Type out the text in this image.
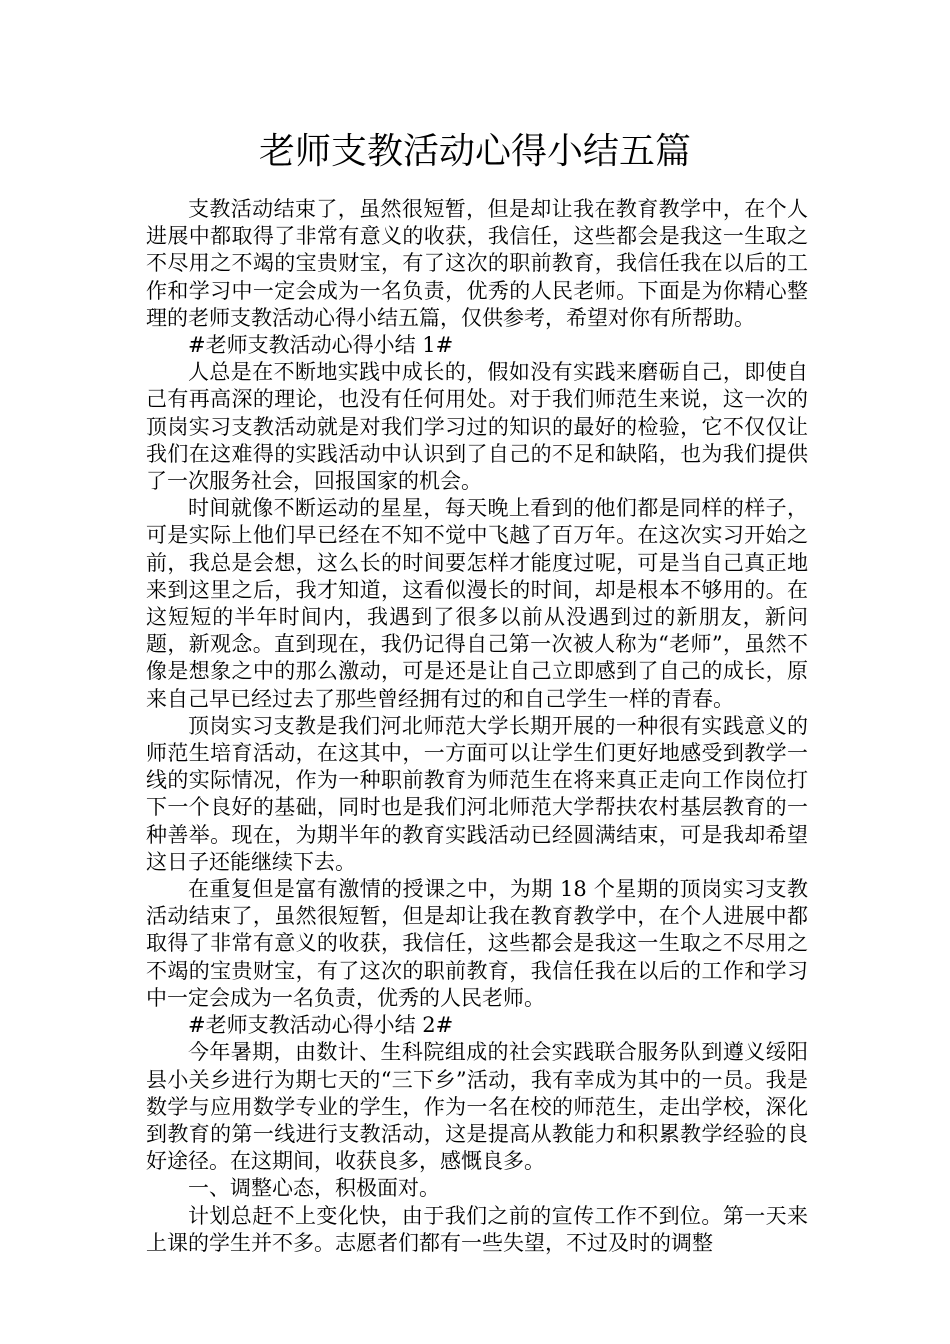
老师支教活动心得小结五篇

支教活动结束了，虽然很短暂，但是却让我在教育教学中，在个人进展中都取得了非常有意义的收获，我信任，这些都会是我这一生取之不尽用之不竭的宝贵财宝，有了这次的职前教育，我信任我在以后的工作和学习中一定会成为一名负责，优秀的人民老师。下面是为你精心整理的老师支教活动心得小结五篇，仅供参考，希望对你有所帮助。

#老师支教活动心得小结 1#

人总是在不断地实践中成长的，假如没有实践来磨砺自己，即使自己有再高深的理论，也没有任何用处。对于我们师范生来说，这一次的顶岗实习支教活动就是对我们学习过的知识的最好的检验，它不仅仅让我们在这难得的实践活动中认识到了自己的不足和缺陷，也为我们提供了一次服务社会，回报国家的机会。

时间就像不断运动的星星，每天晚上看到的他们都是同样的样子，可是实际上他们早已经在不知不觉中飞越了百万年。在这次实习开始之前，我总是会想，这么长的时间要怎样才能度过呢，可是当自己真正地来到这里之后，我才知道，这看似漫长的时间，却是根本不够用的。在这短短的半年时间内，我遇到了很多以前从没遇到过的新朋友，新问题，新观念。直到现在，我仍记得自己第一次被人称为“老师”，虽然不像是想象之中的那么激动，可是还是让自己立即感到了自己的成长，原来自己早已经过去了那些曾经拥有过的和自己学生一样的青春。

顶岗实习支教是我们河北师范大学长期开展的一种很有实践意义的师范生培育活动，在这其中，一方面可以让学生们更好地感受到教学一线的实际情况，作为一种职前教育为师范生在将来真正走向工作岗位打下一个良好的基础，同时也是我们河北师范大学帮扶农村基层教育的一种善举。现在，为期半年的教育实践活动已经圆满结束，可是我却希望这日子还能继续下去。

在重复但是富有激情的授课之中，为期 18 个星期的顶岗实习支教活动结束了，虽然很短暂，但是却让我在教育教学中，在个人进展中都取得了非常有意义的收获，我信任，这些都会是我这一生取之不尽用之不竭的宝贵财宝，有了这次的职前教育，我信任我在以后的工作和学习中一定会成为一名负责，优秀的人民老师。

#老师支教活动心得小结 2#

今年暑期，由数计、生科院组成的社会实践联合服务队到遵义绥阳县小关乡进行为期七天的“三下乡”活动，我有幸成为其中的一员。我是数学与应用数学专业的学生，作为一名在校的师范生，走出学校，深化到教育的第一线进行支教活动，这是提高从教能力和积累教学经验的良好途径。在这期间，收获良多，感慨良多。

一、调整心态，积极面对。

计划总赶不上变化快，由于我们之前的宣传工作不到位。第一天来上课的学生并不多。志愿者们都有一些失望，不过及时的调整
